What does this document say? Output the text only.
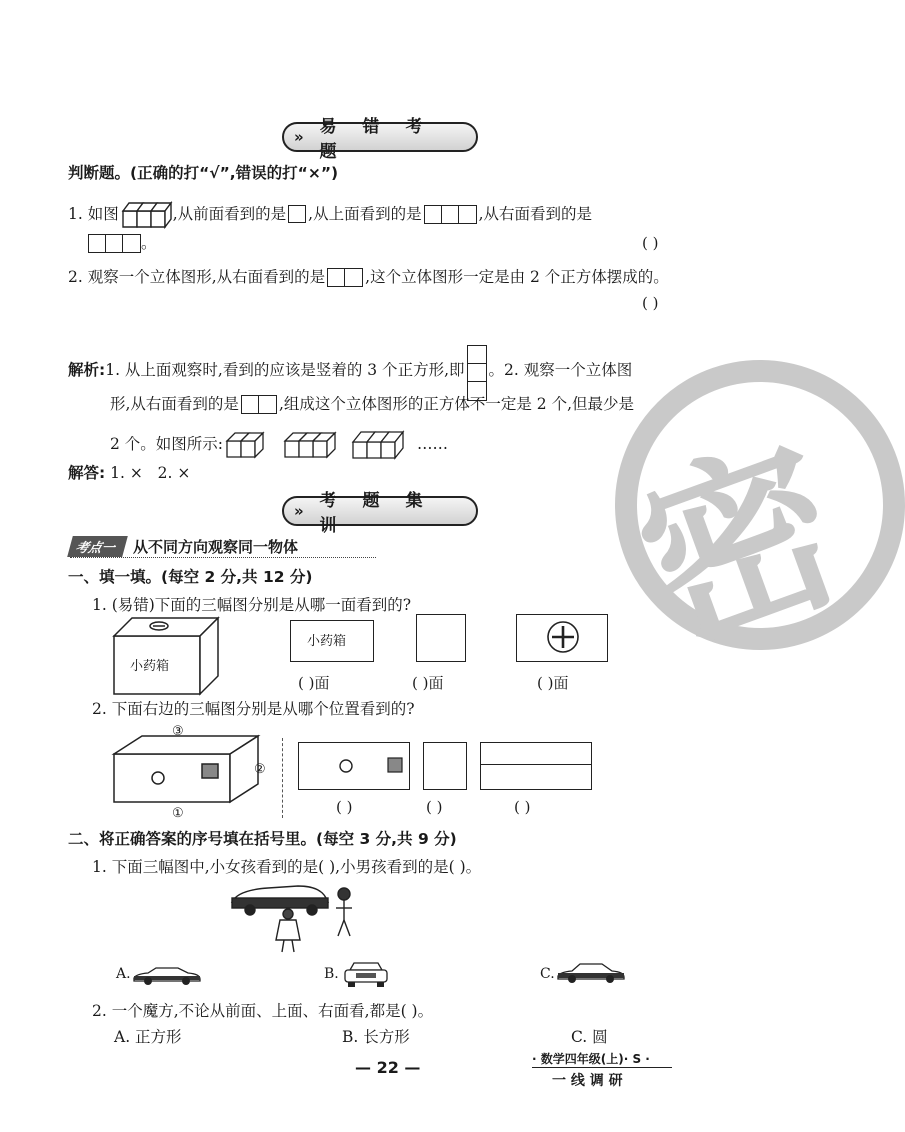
密
» 易错考题
判断题。(正确的打“√”,错误的打“×”)
1. 如图	,从前面看到的是 ,从上面看到的是	,从右面看到的是
。	( )
2. 观察一个立体图形,从右面看到的是	,这个立体图形一定是由 2 个正方体摆成的。
( )
解析: 1. 从上面观察时,看到的应该是竖着的 3 个正方形,即 。2. 观察一个立体图
形,从右面看到的是	,组成这个立体图形的正方体不一定是 2 个,但最少是
2 个。如图所示:	……
解答: 1. ×   2. ×
» 考题集训
考点一	从不同方向观察同一物体
一、填一填。(每空 2 分,共 12 分)
1. (易错)下面的三幅图分别是从哪一面看到的?
小药箱
小药箱
( )面	( )面	( )面
2. 下面右边的三幅图分别是从哪个位置看到的?
③
②
①	( )	( )	( )
二、将正确答案的序号填在括号里。(每空 3 分,共 9 分)
1. 下面三幅图中,小女孩看到的是( ),小男孩看到的是( )。
A.	B.	C.
2. 一个魔方,不论从前面、上面、右面看,都是( )。
A. 正方形	B. 长方形	C. 圆
— 22 —	· 数学四年级(上)· S ·
一 线 调 研
